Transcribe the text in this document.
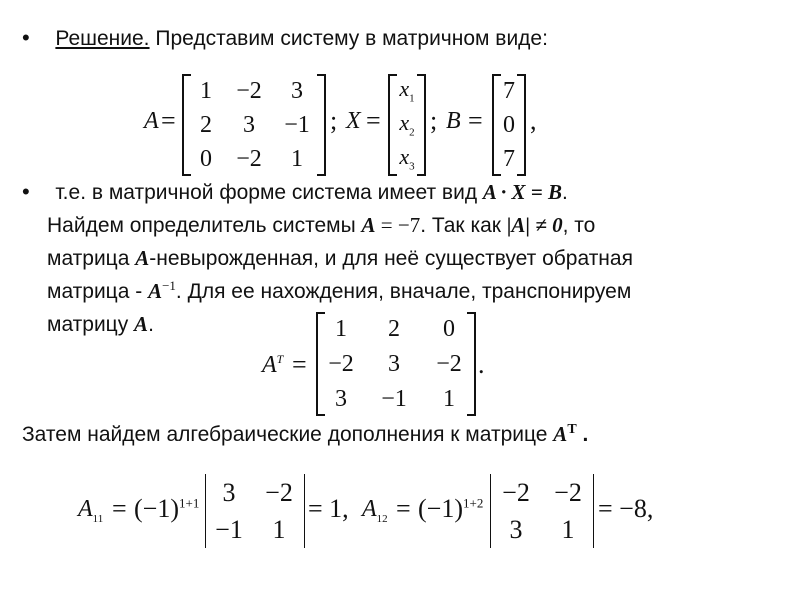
• Решение. Представим систему в матричном виде:
A =
1	−2	3
2	3	−1
0	−2	1
; X =
$x_1$
$x_2$
$x_3$
; B =
7
0
7
,
• т.е. в матричной форме система имеет вид A · X = B.
Найдем определитель системы A = −7. Так как |A| ≠ 0, то
матрица A-невырожденная, и для неё существует обратная
матрица - $A^{-1}$. Для ее нахождения, вначале, транспонируем
матрицу A.
$A^T$ =
1	2	0
−2	3	−2
3	−1	1
.
Затем найдем алгебраические дополнения к матрице $A^T$ .
$A_{11} = (-1)^{1+1}$ 3	−2
−1	1
= 1, $A_{12} = (-1)^{1+2} -2 -2$
3	1
= −8,
